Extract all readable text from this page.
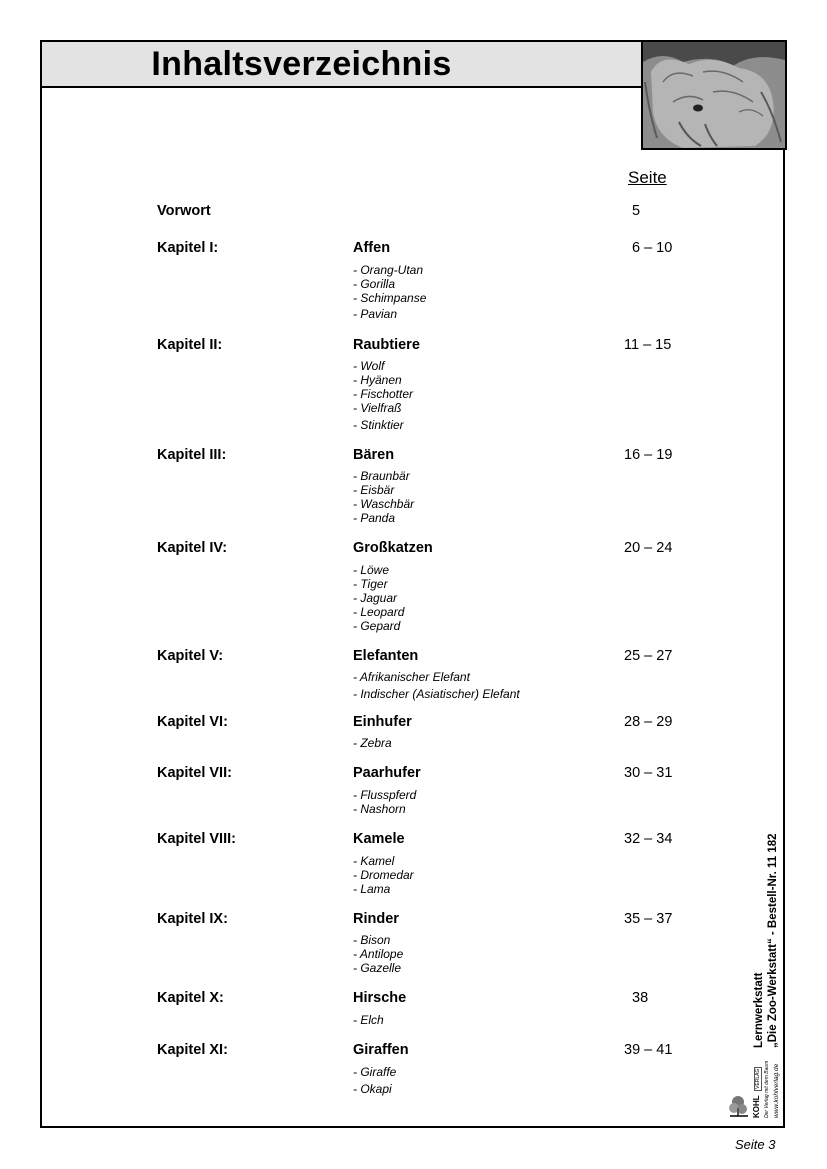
Inhaltsverzeichnis
Seite
Vorwort	5
Kapitel I:	Affen	6 – 10
- Orang-Utan
- Gorilla
- Schimpanse
- Pavian
Kapitel II:	Raubtiere	11 – 15
- Wolf
- Hyänen
- Fischotter
- Vielfraß
- Stinktier
Kapitel III:	Bären	16 – 19
- Braunbär
- Eisbär
- Waschbär
- Panda
Kapitel IV:	Großkatzen	20 – 24
- Löwe
- Tiger
- Jaguar
- Leopard
- Gepard
Kapitel V:	Elefanten	25 – 27
- Afrikanischer Elefant
- Indischer (Asiatischer) Elefant
Kapitel VI:	Einhufer	28 – 29
- Zebra
Kapitel VII:	Paarhufer	30 – 31
- Flusspferd
- Nashorn
Kapitel VIII:	Kamele	32 – 34
- Kamel
- Dromedar
- Lama
Kapitel IX:	Rinder	35 – 37
- Bison
- Antilope
- Gazelle
Kapitel X:	Hirsche	38
- Elch
Kapitel XI:	Giraffen	39 – 41
- Giraffe
- Okapi
Lernwerkstatt „Die Zoo-Werkstatt“ - Bestell-Nr. 11 182
KOHL VERLAG Der Verlag mit dem Baum www.kohlverlag.de
Seite 3
